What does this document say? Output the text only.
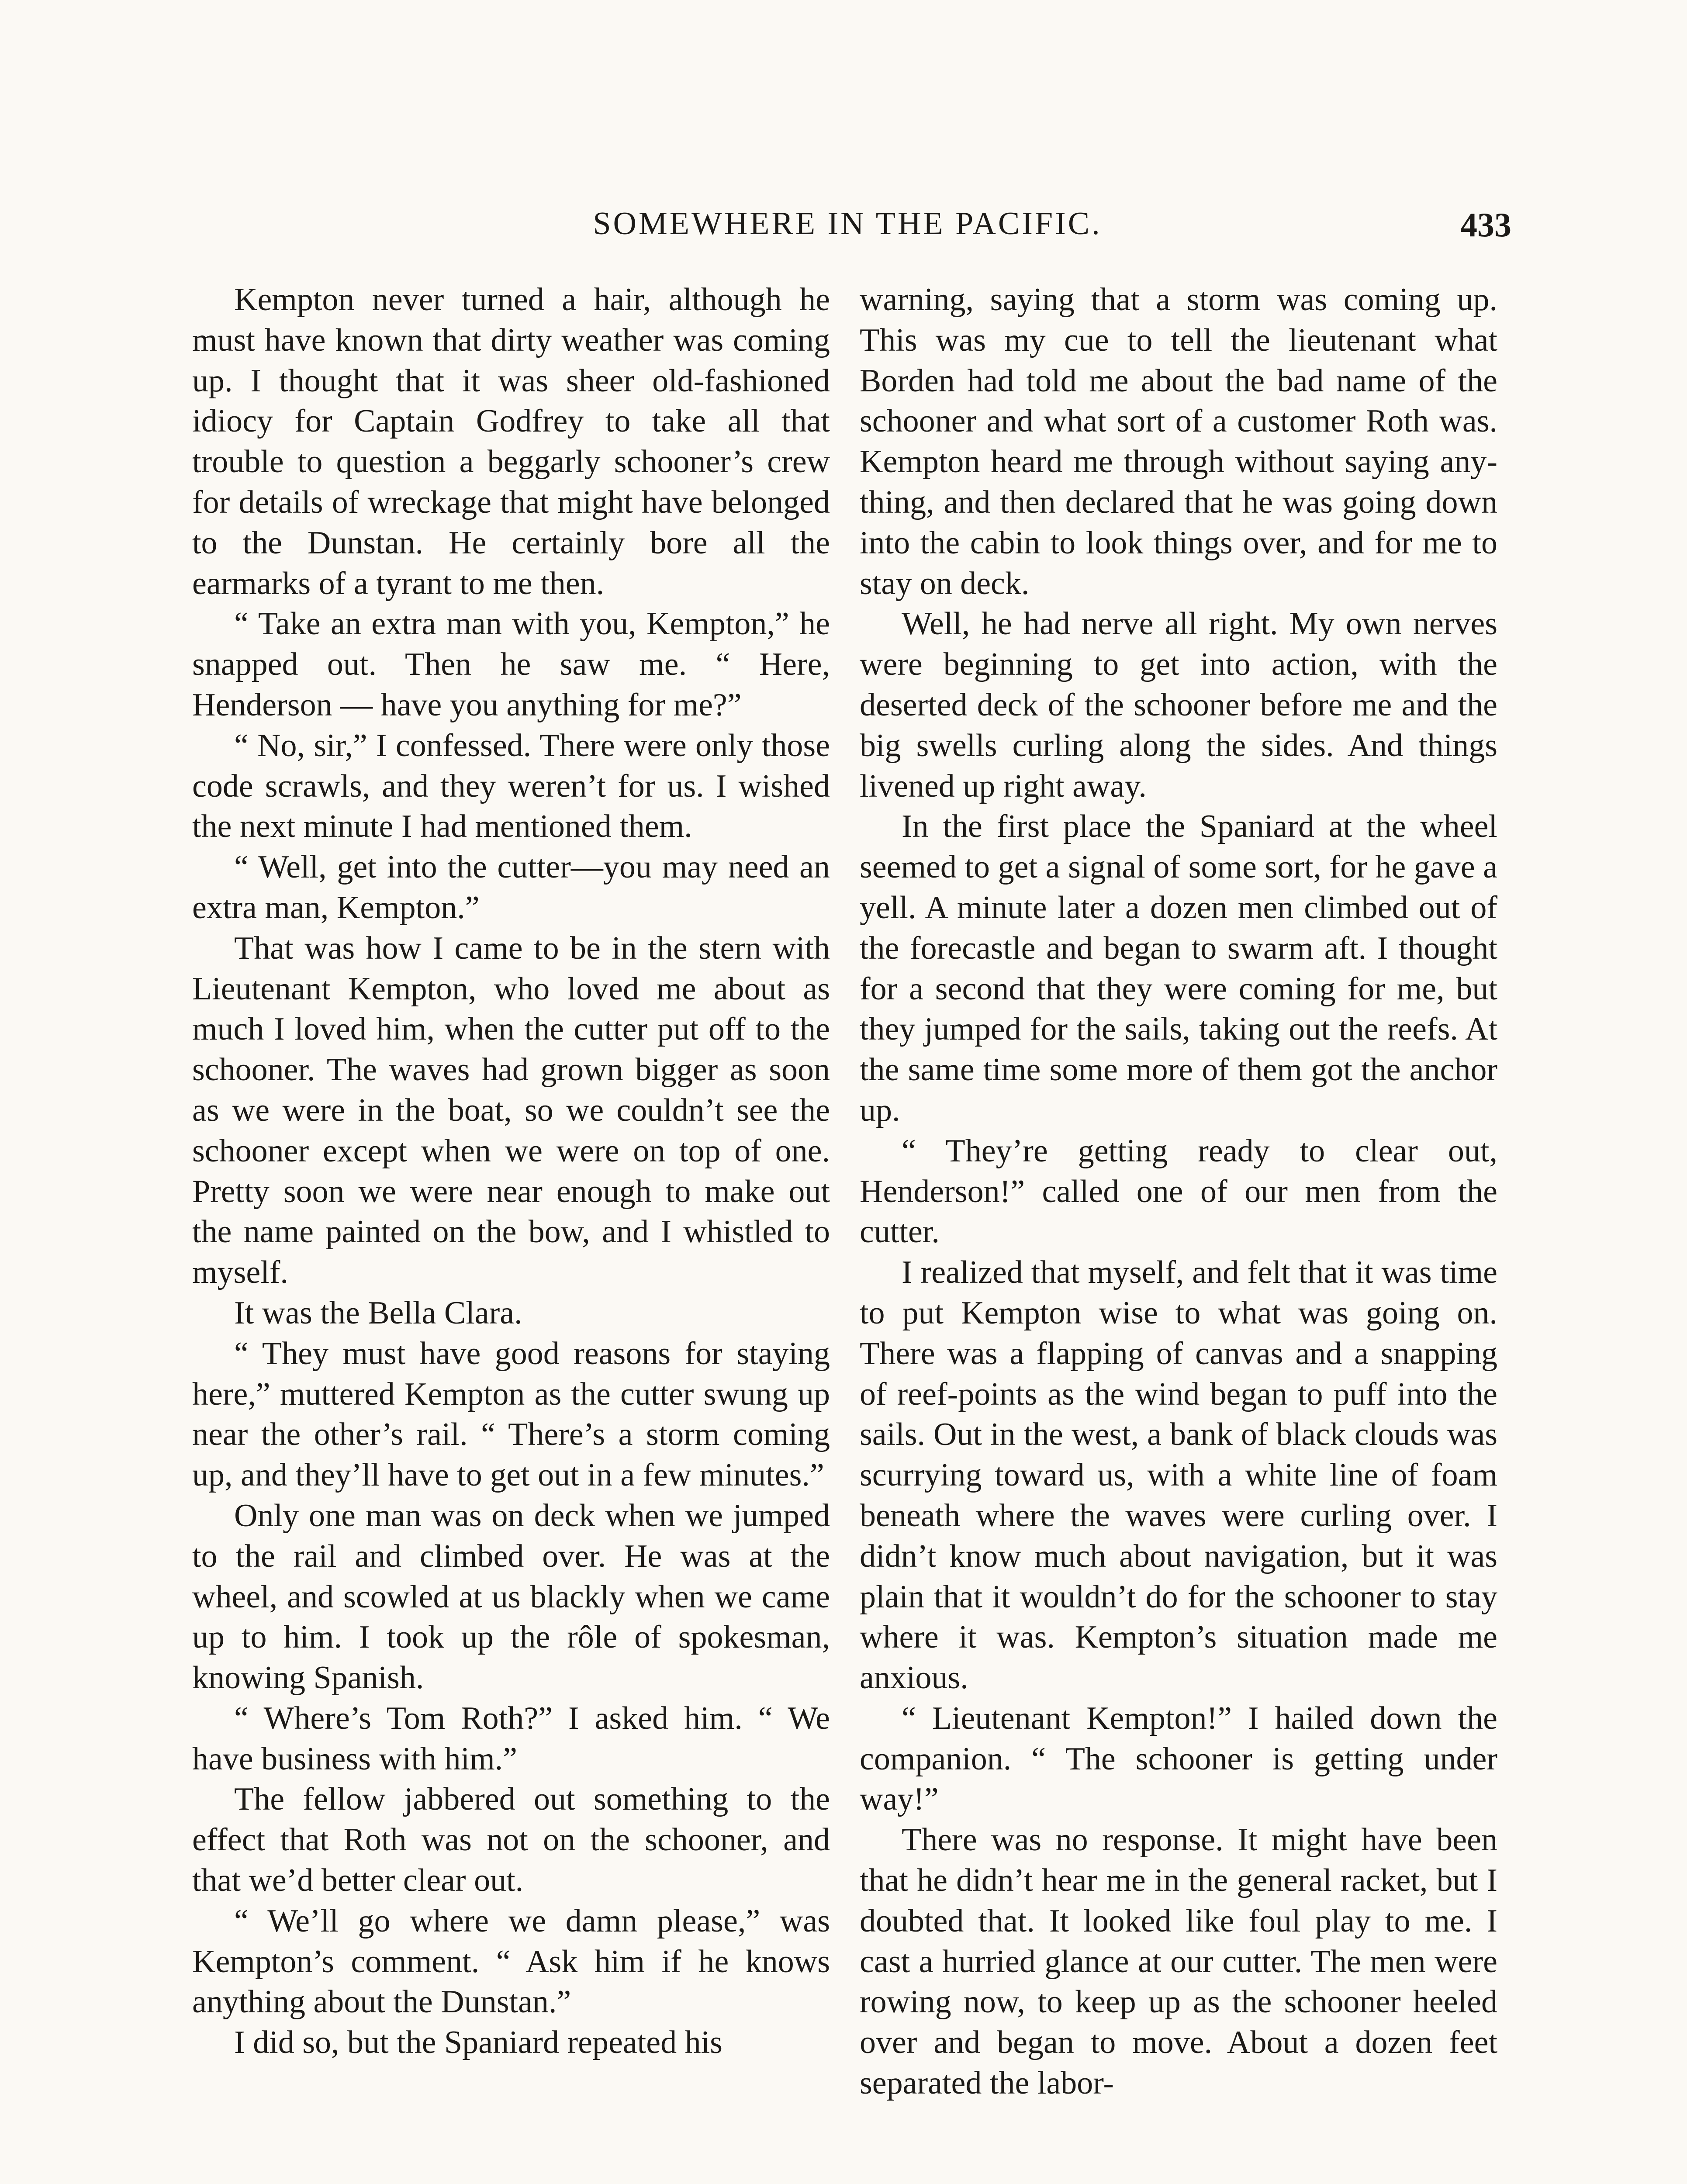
SOMEWHERE IN THE PACIFIC.	433

Kempton never turned a hair, although he must have known that dirty weather was coming up. I thought that it was sheer old-fashioned idiocy for Captain Godfrey to take all that trouble to question a beggarly schooner’s crew for details of wreckage that might have belonged to the Dunstan. He certainly bore all the earmarks of a tyrant to me then.

“ Take an extra man with you, Kempton,” he snapped out. Then he saw me. “ Here, Henderson — have you anything for me?”

“ No, sir,” I confessed. There were only those code scrawls, and they weren’t for us. I wished the next minute I had mentioned them.

“ Well, get into the cutter—you may need an extra man, Kempton.”

That was how I came to be in the stern with Lieutenant Kempton, who loved me about as much I loved him, when the cutter put off to the schooner. The waves had grown bigger as soon as we were in the boat, so we couldn’t see the schooner except when we were on top of one. Pretty soon we were near enough to make out the name painted on the bow, and I whistled to myself.

It was the Bella Clara.

“ They must have good reasons for staying here,” muttered Kempton as the cutter swung up near the other’s rail. “ There’s a storm coming up, and they’ll have to get out in a few minutes.”

Only one man was on deck when we jumped to the rail and climbed over. He was at the wheel, and scowled at us blackly when we came up to him. I took up the rôle of spokesman, knowing Spanish.

“ Where’s Tom Roth?” I asked him. “ We have business with him.”

The fellow jabbered out something to the effect that Roth was not on the schooner, and that we’d better clear out.

“ We’ll go where we damn please,” was Kempton’s comment. “ Ask him if he knows anything about the Dunstan.”

I did so, but the Spaniard repeated his

warning, saying that a storm was coming up. This was my cue to tell the lieutenant what Borden had told me about the bad name of the schooner and what sort of a customer Roth was. Kempton heard me through without saying anything, and then declared that he was going down into the cabin to look things over, and for me to stay on deck.

Well, he had nerve all right. My own nerves were beginning to get into action, with the deserted deck of the schooner before me and the big swells curling along the sides. And things livened up right away.

In the first place the Spaniard at the wheel seemed to get a signal of some sort, for he gave a yell. A minute later a dozen men climbed out of the forecastle and began to swarm aft. I thought for a second that they were coming for me, but they jumped for the sails, taking out the reefs. At the same time some more of them got the anchor up.

“ They’re getting ready to clear out, Henderson!” called one of our men from the cutter.

I realized that myself, and felt that it was time to put Kempton wise to what was going on. There was a flapping of canvas and a snapping of reef-points as the wind began to puff into the sails. Out in the west, a bank of black clouds was scurrying toward us, with a white line of foam beneath where the waves were curling over. I didn’t know much about navigation, but it was plain that it wouldn’t do for the schooner to stay where it was. Kempton’s situation made me anxious.

“ Lieutenant Kempton!” I hailed down the companion. “ The schooner is getting under way!”

There was no response. It might have been that he didn’t hear me in the general racket, but I doubted that. It looked like foul play to me. I cast a hurried glance at our cutter. The men were rowing now, to keep up as the schooner heeled over and began to move. About a dozen feet separated the labor-
